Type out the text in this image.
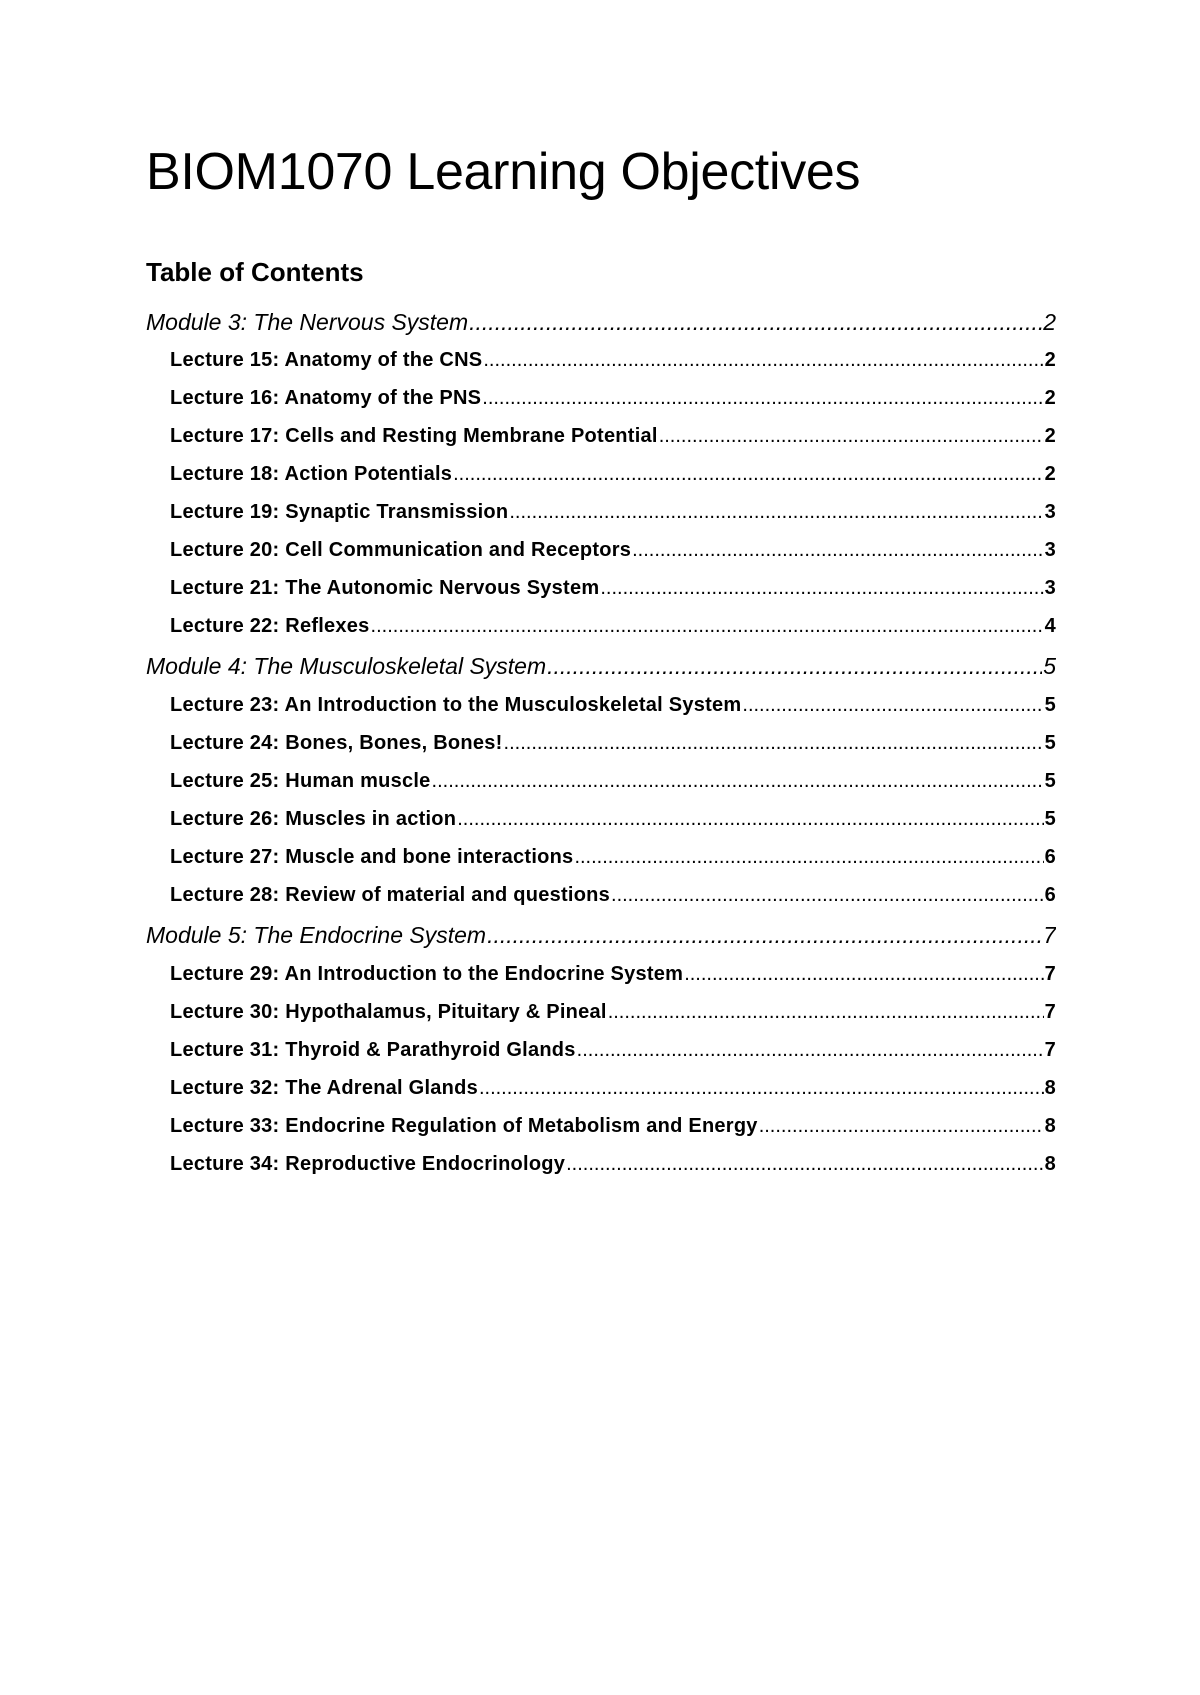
BIOM1070 Learning Objectives
Table of Contents
Module 3: The Nervous System .....	2
Lecture 15: Anatomy of the CNS .....	2
Lecture 16: Anatomy of the PNS .....	2
Lecture 17: Cells and Resting Membrane Potential .....	2
Lecture 18: Action Potentials .....	2
Lecture 19: Synaptic Transmission .....	3
Lecture 20: Cell Communication and Receptors .....	3
Lecture 21: The Autonomic Nervous System .....	3
Lecture 22: Reflexes .....	4
Module 4: The Musculoskeletal System .....	5
Lecture 23: An Introduction to the Musculoskeletal System .....	5
Lecture 24: Bones, Bones, Bones! .....	5
Lecture 25: Human muscle .....	5
Lecture 26: Muscles in action .....	5
Lecture 27: Muscle and bone interactions .....	6
Lecture 28: Review of material and questions .....	6
Module 5: The Endocrine System .....	7
Lecture 29: An Introduction to the Endocrine System .....	7
Lecture 30: Hypothalamus, Pituitary & Pineal .....	7
Lecture 31: Thyroid & Parathyroid Glands .....	7
Lecture 32: The Adrenal Glands .....	8
Lecture 33: Endocrine Regulation of Metabolism and Energy .....	8
Lecture 34: Reproductive Endocrinology .....	8
